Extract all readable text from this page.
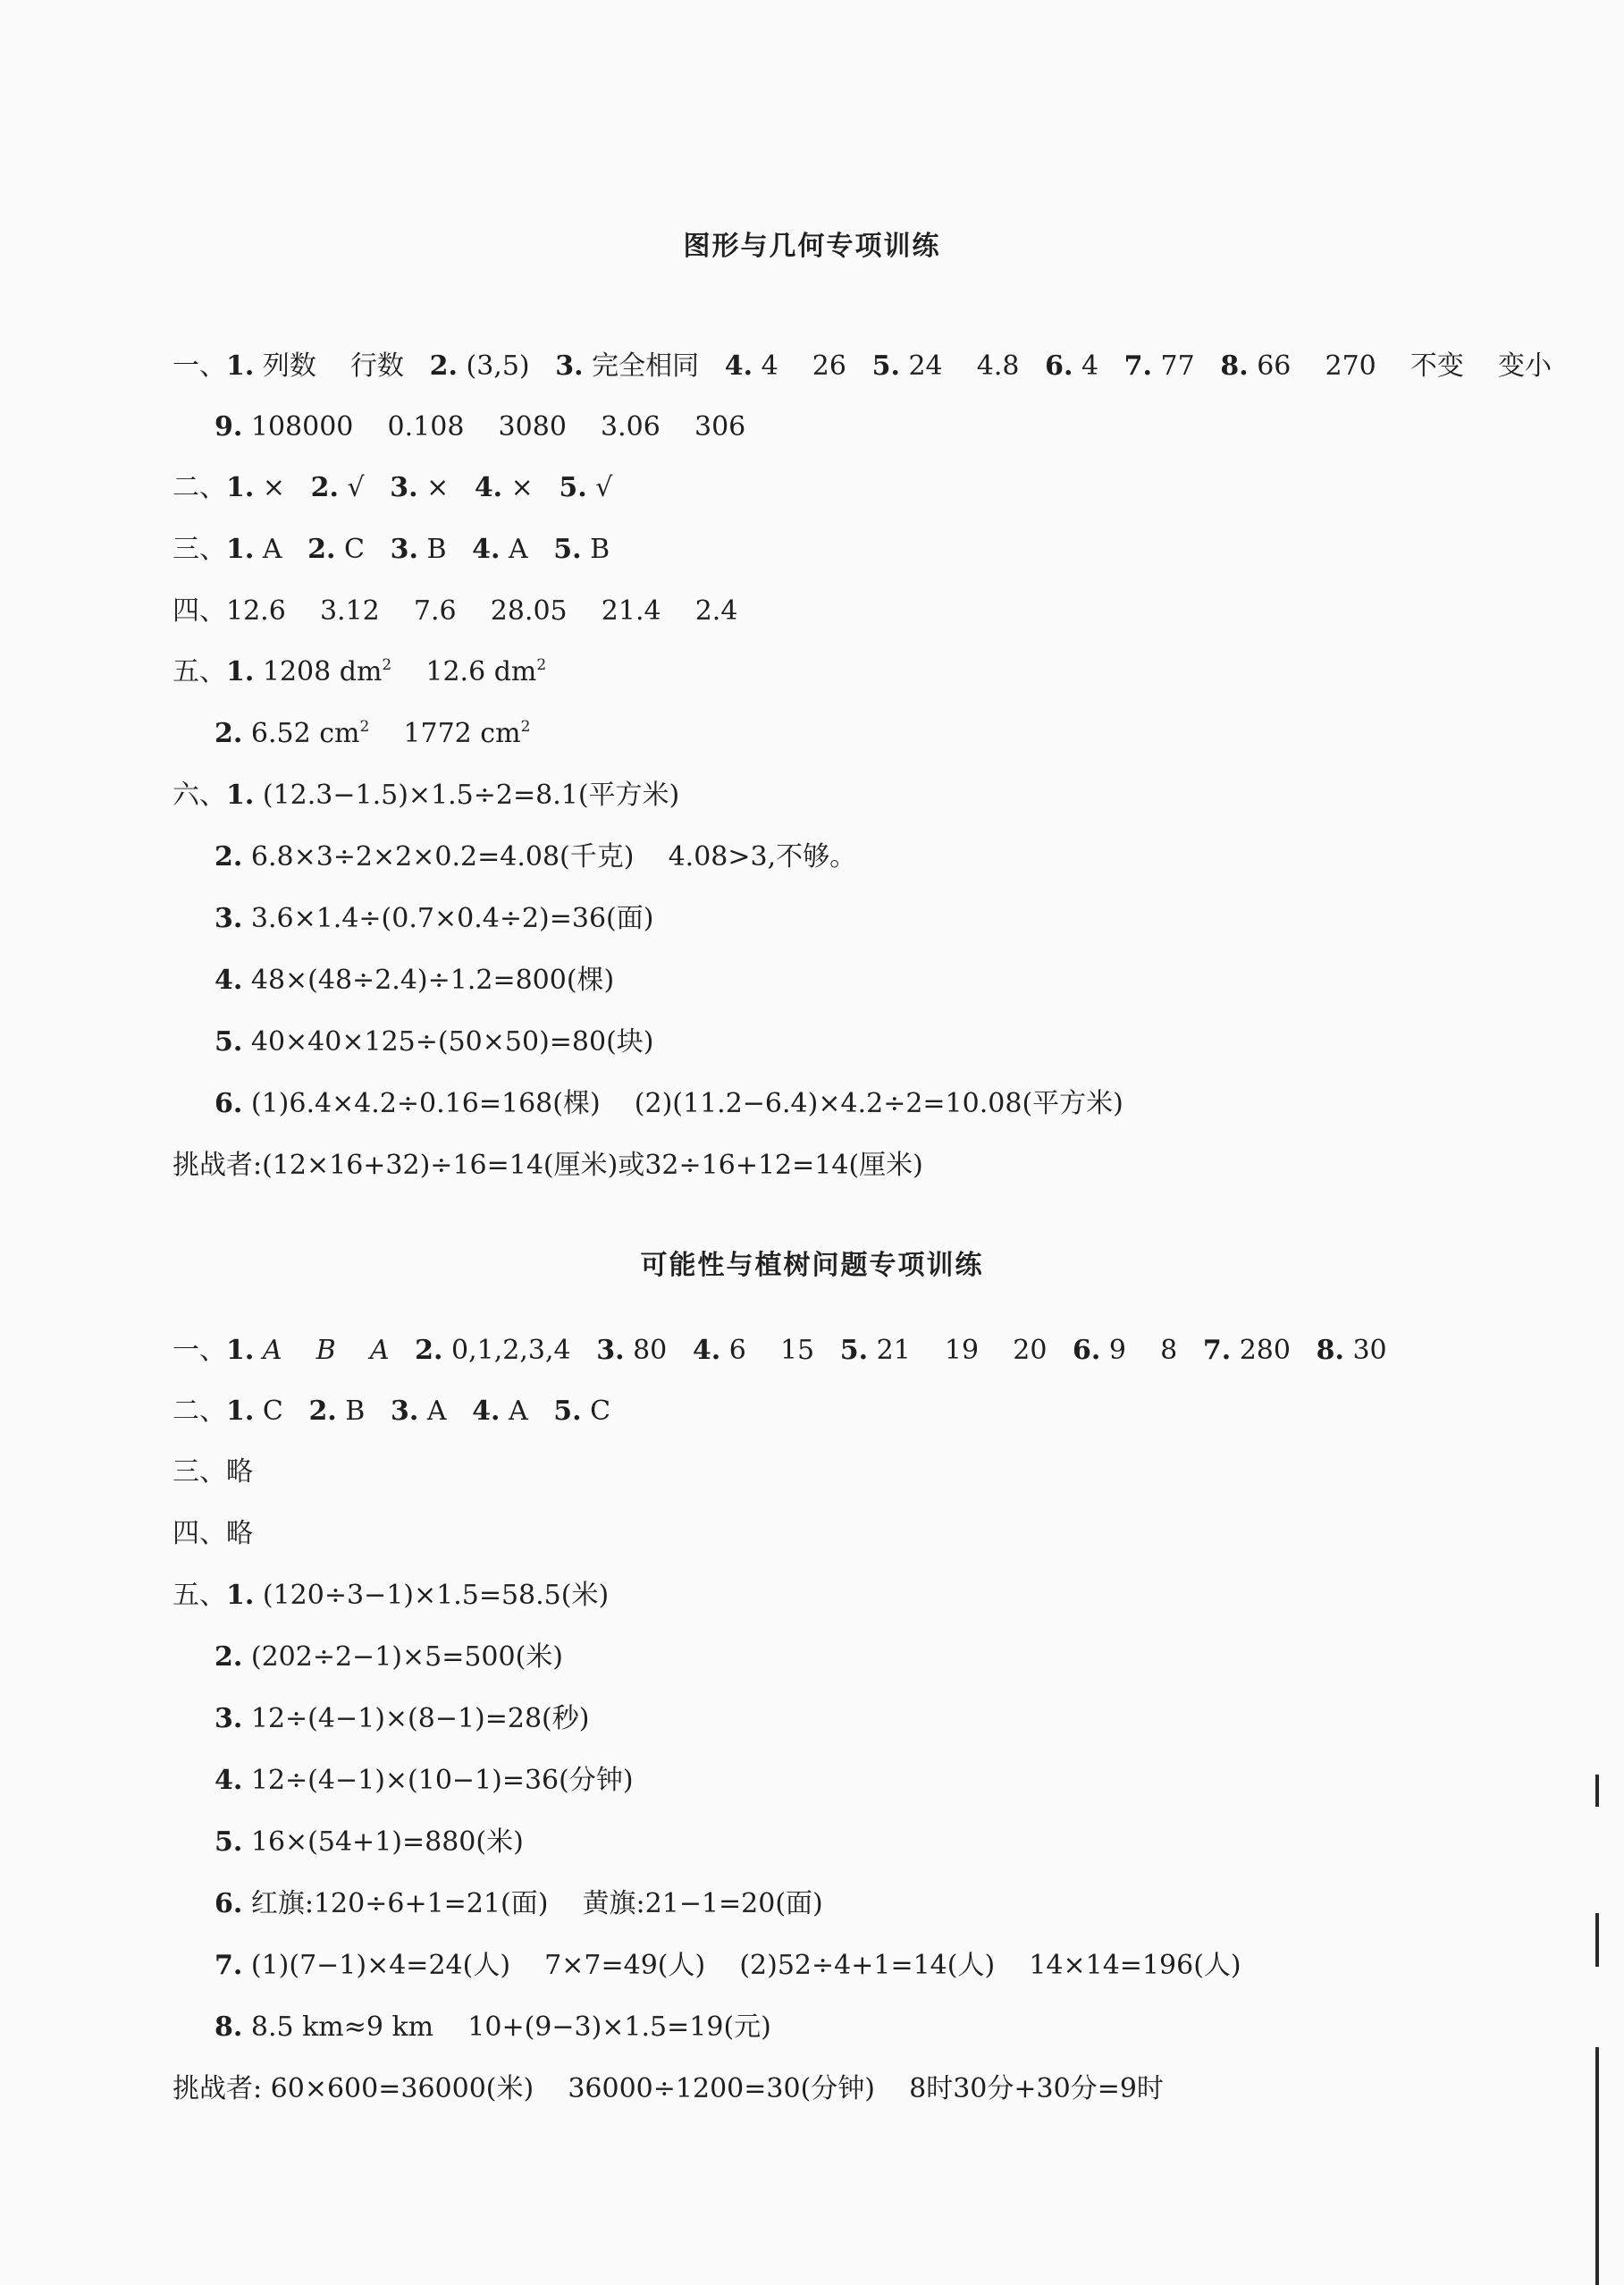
图形与几何专项训练
一、1. 列数    行数   2. (3,5)   3. 完全相同   4. 4    26   5. 24    4.8   6. 4   7. 77   8. 66    270    不变    变小
9. 108000    0.108    3080    3.06    306
二、1. ×   2. √   3. ×   4. ×   5. √
三、1. A   2. C   3. B   4. A   5. B
四、12.6    3.12    7.6    28.05    21.4    2.4
五、1. 1208 $dm^2$    12.6 $dm^2$
2. 6.52 $cm^2$    1772 $cm^2$
六、1. (12.3−1.5)×1.5÷2=8.1(平方米)
2. 6.8×3÷2×2×0.2=4.08(千克)    4.08>3,不够。
3. 3.6×1.4÷(0.7×0.4÷2)=36(面)
4. 48×(48÷2.4)÷1.2=800(棵)
5. 40×40×125÷(50×50)=80(块)
6. (1)6.4×4.2÷0.16=168(棵)    (2)(11.2−6.4)×4.2÷2=10.08(平方米)
挑战者:(12×16+32)÷16=14(厘米)或32÷16+12=14(厘米)
可能性与植树问题专项训练
一、1. A    B    A   2. 0,1,2,3,4   3. 80   4. 6    15   5. 21    19    20   6. 9    8   7. 280   8. 30
二、1. C   2. B   3. A   4. A   5. C
三、略
四、略
五、1. (120÷3−1)×1.5=58.5(米)
2. (202÷2−1)×5=500(米)
3. 12÷(4−1)×(8−1)=28(秒)
4. 12÷(4−1)×(10−1)=36(分钟)
5. 16×(54+1)=880(米)
6. 红旗:120÷6+1=21(面)    黄旗:21−1=20(面)
7. (1)(7−1)×4=24(人)    7×7=49(人)    (2)52÷4+1=14(人)    14×14=196(人)
8. 8.5 km≈9 km    10+(9−3)×1.5=19(元)
挑战者: 60×600=36000(米)    36000÷1200=30(分钟)    8时30分+30分=9时
